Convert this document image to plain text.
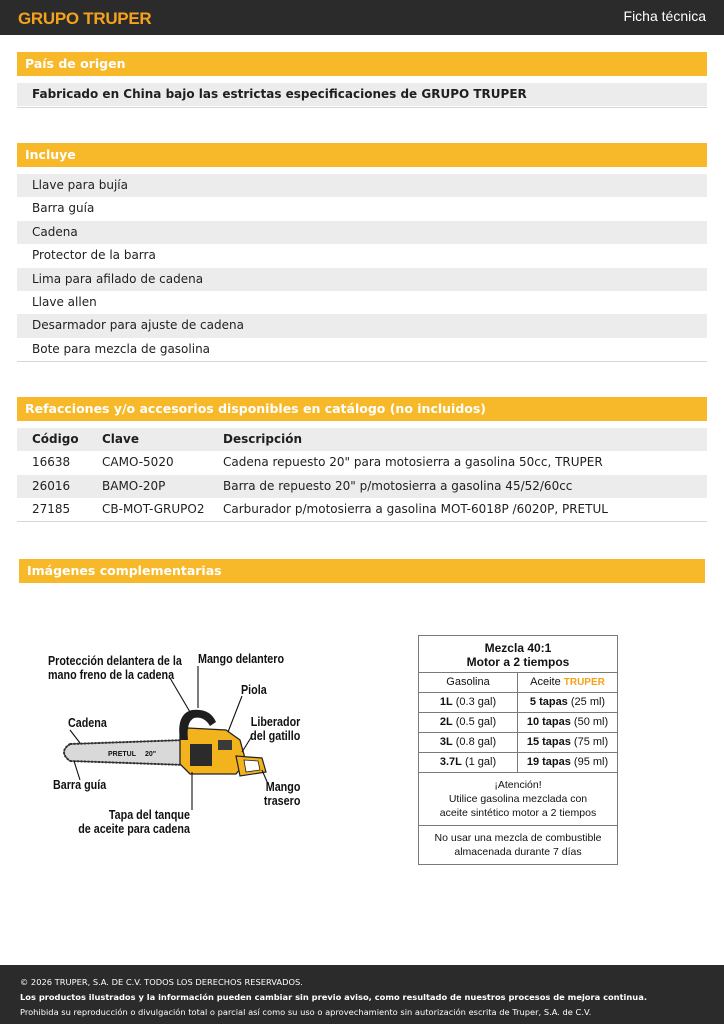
GRUPO TRUPER	Ficha técnica
País de origen
Fabricado en China bajo las estrictas especificaciones de GRUPO TRUPER
Incluye
Llave para bujía
Barra guía
Cadena
Protector de la barra
Lima para afilado de cadena
Llave allen
Desarmador para ajuste de cadena
Bote para mezcla de gasolina
Refacciones y/o accesorios disponibles en catálogo (no incluidos)
Código Clave	Descripción
16638	CAMO-5020	Cadena repuesto 20" para motosierra a gasolina 50cc, TRUPER
26016	BAMO-20P	Barra de repuesto 20" p/motosierra a gasolina 45/52/60cc
27185	CB-MOT-GRUPO2 Carburador p/motosierra a gasolina MOT-6018P /6020P, PRETUL
Imágenes complementarias
PRETUL 20"
Protección delantera de la
mano freno de la cadena
Mango delantero
Piola
Liberador
del gatillo
Cadena
Barra guía	Mango
trasero
Tapa del tanque
de aceite para cadena
Mezcla 40:1
Motor a 2 tiempos
Gasolina	Aceite TRUPER
1L (0.3 gal)	5 tapas (25 ml)
2L (0.5 gal)	10 tapas (50 ml)
3L (0.8 gal)	15 tapas (75 ml)
3.7L (1 gal)	19 tapas (95 ml)
¡Atención!
Utilice gasolina mezclada con
aceite sintético motor a 2 tiempos
No usar una mezcla de combustible
almacenada durante 7 días
© 2026 TRUPER, S.A. DE C.V. TODOS LOS DERECHOS RESERVADOS.
Los productos ilustrados y la información pueden cambiar sin previo aviso, como resultado de nuestros procesos de mejora continua.
Prohibida su reproducción o divulgación total o parcial así como su uso o aprovechamiento sin autorización escrita de Truper, S.A. de C.V.
